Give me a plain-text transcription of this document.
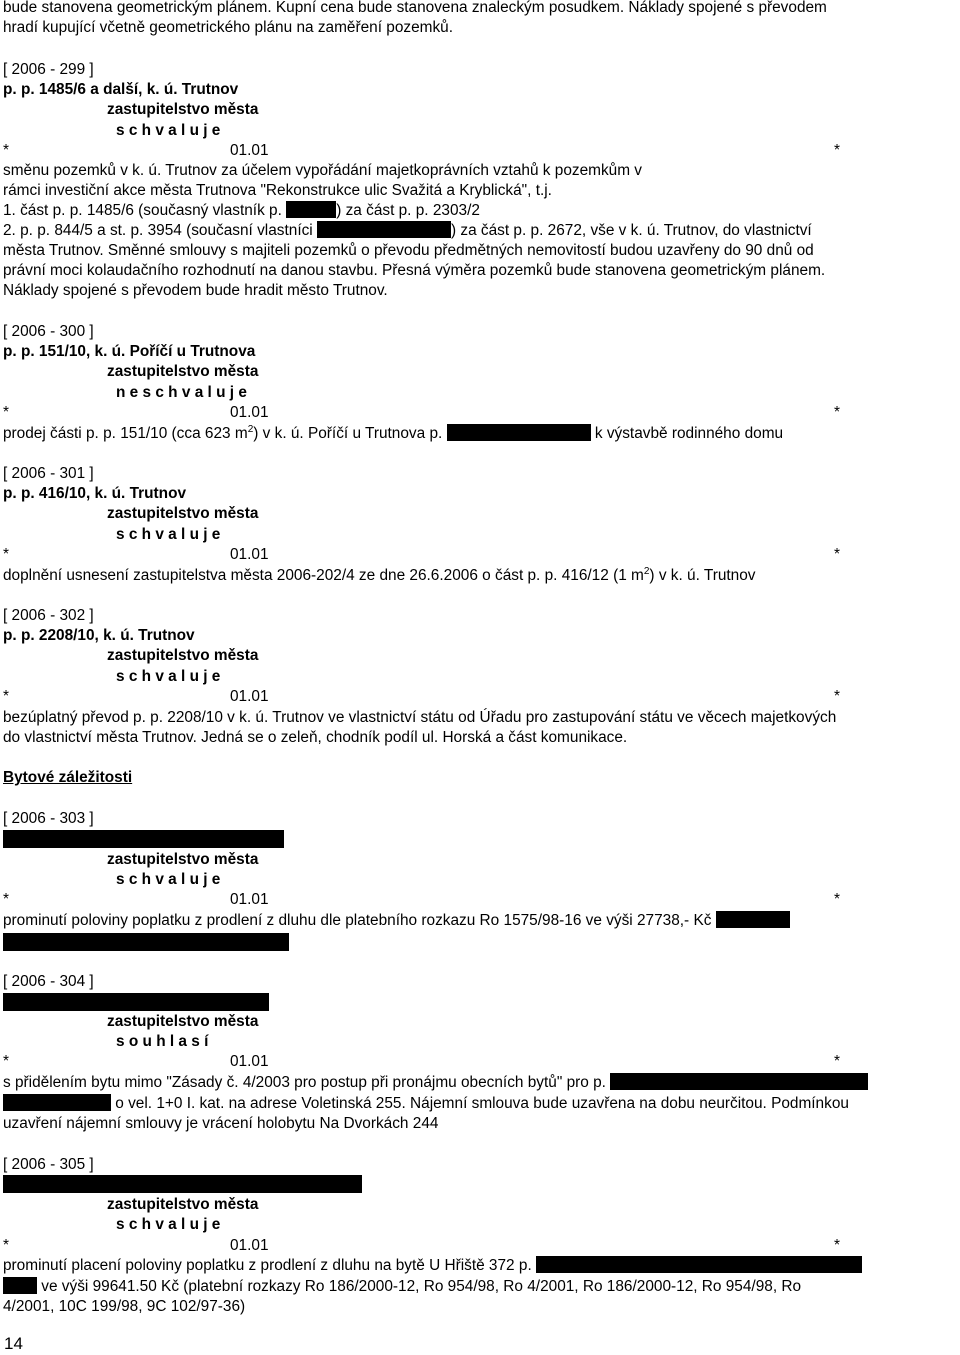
bude stanovena geometrickým plánem. Kupní cena bude stanovena znaleckým posudkem. Náklady spojené s převodem
hradí kupující včetně geometrického plánu na zaměření pozemků.
[ 2006 - 299 ]
p. p. 1485/6 a další, k. ú. Trutnov
zastupitelstvo města
s c h v a l u j e
*	01.01	*
směnu pozemků v k. ú. Trutnov za účelem vypořádání majetkoprávních vztahů k pozemkům v
rámci investiční akce města Trutnova "Rekonstrukce ulic Svažitá a Kryblická", t.j.
1. část p. p. 1485/6 (současný vlastník p.	) za část p. p. 2303/2
2. p. p. 844/5 a st. p. 3954 (současní vlastníci	) za část p. p. 2672, vše v k. ú. Trutnov, do vlastnictví
města Trutnov. Směnné smlouvy s majiteli pozemků o převodu předmětných nemovitostí budou uzavřeny do 90 dnů od
právní moci kolaudačního rozhodnutí na danou stavbu. Přesná výměra pozemků bude stanovena geometrickým plánem.
Náklady spojené s převodem bude hradit město Trutnov.
[ 2006 - 300 ]
p. p. 151/10, k. ú. Poříčí u Trutnova
zastupitelstvo města
n e s c h v a l u j e
*	01.01	*
prodej části p. p. 151/10 (cca 623 $m^2$) v k. ú. Poříčí u Trutnova p.	k výstavbě rodinného domu
[ 2006 - 301 ]
p. p. 416/10, k. ú. Trutnov
zastupitelstvo města
s c h v a l u j e
*	01.01	*
doplnění usnesení zastupitelstva města 2006-202/4 ze dne 26.6.2006 o část p. p. 416/12 (1 $m^2$) v k. ú. Trutnov
[ 2006 - 302 ]
p. p. 2208/10, k. ú. Trutnov
zastupitelstvo města
s c h v a l u j e
*	01.01	*
bezúplatný převod p. p. 2208/10 v k. ú. Trutnov ve vlastnictví státu od Úřadu pro zastupování státu ve věcech majetkových
do vlastnictví města Trutnov. Jedná se o zeleň, chodník podíl ul. Horská a část komunikace.
Bytové záležitosti
[ 2006 - 303 ]
zastupitelstvo města
s c h v a l u j e
*	01.01	*
prominutí poloviny poplatku z prodlení z dluhu dle platebního rozkazu Ro 1575/98-16 ve výši 27738,- Kč
[ 2006 - 304 ]
zastupitelstvo města
s o u h l a s í
*	01.01	*
s přidělením bytu mimo "Zásady č. 4/2003 pro postup při pronájmu obecních bytů" pro p.
o vel. 1+0 I. kat. na adrese Voletinská 255. Nájemní smlouva bude uzavřena na dobu neurčitou. Podmínkou
uzavření nájemní smlouvy je vrácení holobytu Na Dvorkách 244
[ 2006 - 305 ]
zastupitelstvo města
s c h v a l u j e
*	01.01	*
prominutí placení poloviny poplatku z prodlení z dluhu na bytě U Hřiště 372 p.
ve výši 99641.50 Kč (platební rozkazy Ro 186/2000-12, Ro 954/98, Ro 4/2001, Ro 186/2000-12, Ro 954/98, Ro
4/2001, 10C 199/98, 9C 102/97-36)
14
